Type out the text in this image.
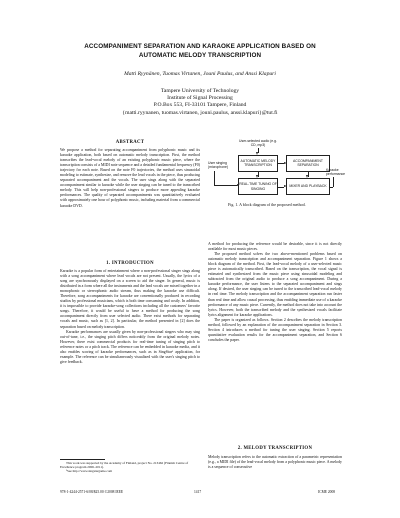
ACCOMPANIMENT SEPARATION AND KARAOKE APPLICATION BASED ON
AUTOMATIC MELODY TRANSCRIPTION
Matti Ryynänen, Tuomas Virtanen, Jouni Paulus, and Anssi Klapuri
Tampere University of Technology
Institute of Signal Processing
P.O.Box 553, FI-33101 Tampere, Finland
{matti.ryynanen, tuomas.virtanen, jouni.paulus, anssi.klapuri}@tut.fi
ABSTRACT

We propose a method for separating accompaniment from polyphonic music and its karaoke application, both based on automatic melody transcription. First, the method transcribes the lead-vocal melody of an existing polyphonic music piece, where the transcription consists of a MIDI note sequence and a detailed fundamental frequency (F0) trajectory for each note. Based on the note F0 trajectories, the method uses sinusoidal modeling to estimate, synthesize, and remove the lead vocals in the piece, thus producing separated accompaniment and the vocals. The user sings along with the separated accompaniment similar to karaoke while the user singing can be tuned to the transcribed melody. This will help non-professional singers to produce more appealing karaoke performances. The quality of separated accompaniments was quantitatively evaluated with approximately one hour of polyphonic music, including material from a commercial karaoke DVD.

1. INTRODUCTION

Karaoke is a popular form of entertainment where a non-professional singer sings along with a song accompaniment where lead vocals are not present. Usually, the lyrics of a song are synchronously displayed on a screen to aid the singer. In general, music is distributed in a form where all the instruments and the lead vocals are mixed together in a monophonic or stereophonic audio stream, thus making the karaoke use difficult. Therefore, song accompaniments for karaoke are conventionally produced in recording studios by professional musicians, which is both time consuming and costly. In addition, it is impossible to provide karaoke-song collections including all the customers' favorite songs. Therefore, it would be useful to have a method for producing the song accompaniment directly from user selected audio. There exist methods for separating vocals and music, such as [1, 2]. In particular, the method presented in [2] does the separation based on melody transcription.

Karaoke performances are usually given by non-professional singers who may sing out-of-tune, i.e., the singing pitch differs noticeably from the original melody notes. However, there exist commercial products for real-time tuning of singing pitch to reference notes or a pitch track. The reference can be embedded in karaoke media, and it also enables scoring of karaoke performances, such as in SingStar¹ application, for example. The reference can be simultaneously visualized with the user's singing pitch to give feedback.

This work was supported by the Academy of Finland, project No. 213462 (Finnish Centre of Excellence program 2006–2011).
¹See http://www.singstargame.com
User-selected audio (e.g. CD, mp3)
AUTOMATIC MELODY TRANSCRIPTION
ACCOMPANIMENT SEPARATION
User singing (microphone)
REAL-TIME TUNING OF SINGING
MIXER AND PLAYBACK
Karaoke performance
Fig. 1. A block diagram of the proposed method.

A method for producing the reference would be desirable, since it is not directly available for most music pieces.

The proposed method solves the two above-mentioned problems based on automatic melody transcription and accompaniment separation. Figure 1 shows a block diagram of the method. First, the lead-vocal melody of a user-selected music piece is automatically transcribed. Based on the transcription, the vocal signal is estimated and synthesized from the music piece using sinusoidal modeling and subtracted from the original audio to produce a song accompaniment. During a karaoke performance, the user listens to the separated accompaniment and sings along. If desired, the user singing can be tuned to the transcribed lead-vocal melody in real time. The melody transcription and the accompaniment separation run faster than real time and allow causal processing, thus enabling immediate use of a karaoke performance of any music piece. Currently, the method does not take into account the lyrics. However, both the transcribed melody and the synthesized vocals facilitate lyrics alignment for karaoke applications.

The paper is organized as follows. Section 2 describes the melody transcription method, followed by an explanation of the accompaniment separation in Section 3. Section 4 introduces a method for tuning the user singing. Section 5 reports quantitative evaluation results for the accompaniment separation, and Section 6 concludes the paper.

2. MELODY TRANSCRIPTION

Melody transcription refers to the automatic extraction of a parametric representation (e.g., a MIDI file) of the lead-vocal melody from a polyphonic music piece. A melody is a sequence of consecutive

978-1-4244-2571-6/08/$25.00 ©2008 IEEE	1417	ICME 2008
